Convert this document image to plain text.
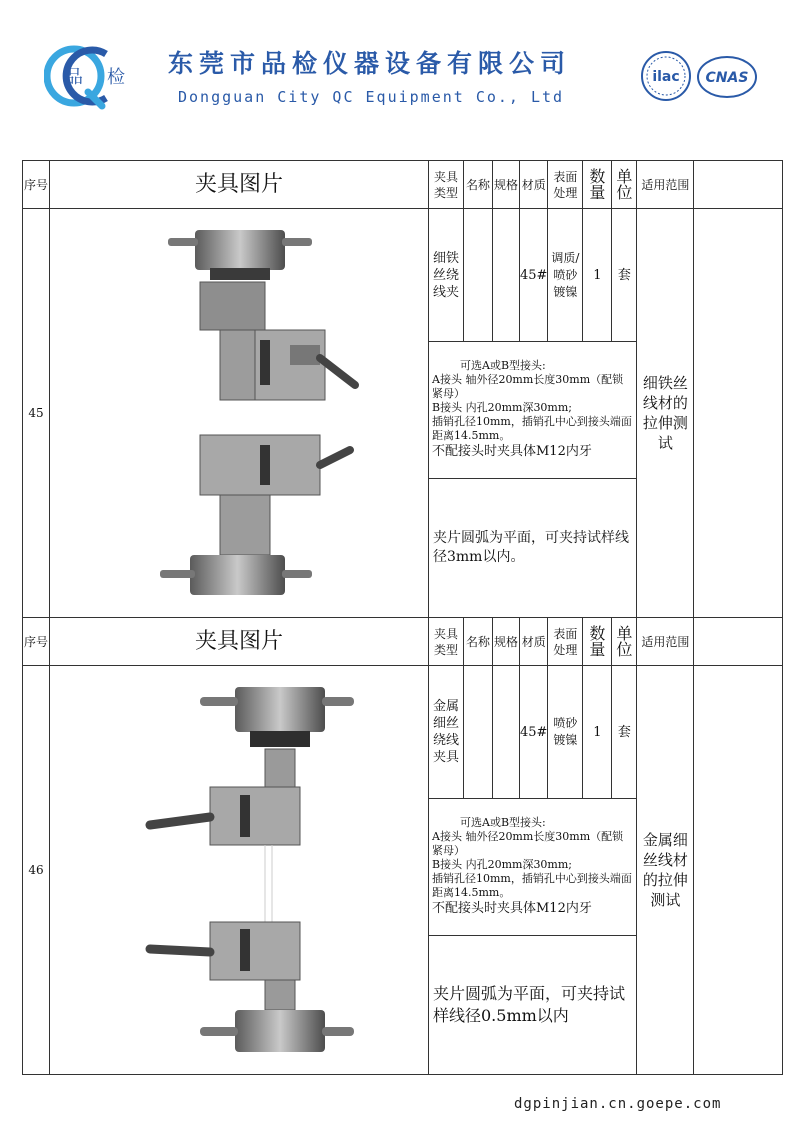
品 检 东莞市品检仪器设备有限公司
Dongguan City QC Equipment Co., Ltd
ilac CNAS
序号	夹具图片	夹具类型	名称	规格	材质	表面处理	数量	单位	适用范围	
45		细铁丝绕线夹			45#	调质/喷砂镀镍	1	套	细铁丝线材的拉伸测试	

		可选A或B型接头:
A接头 轴外径20mm长度30mm（配锁紧母）
B接头 内孔20mm深30mm;
插销孔径10mm，插销孔中心到接头端面距离14.5mm。
不配接头时夹具体M12内牙								

		夹片圆弧为平面，可夹持试样线径3mm以内。								
序号	夹具图片	夹具类型	名称	规格	材质	表面处理	数量	单位	适用范围	
46		金属细丝绕线夹具			45#	喷砂镀镍	1	套	金属细丝线材的拉伸测试	

		可选A或B型接头:
A接头 轴外径20mm长度30mm（配锁紧母）
B接头 内孔20mm深30mm;
插销孔径10mm，插销孔中心到接头端面距离14.5mm。
不配接头时夹具体M12内牙								

		夹片圆弧为平面，可夹持试样线径0.5mm以内								
dgpinjian.cn.goepe.com
